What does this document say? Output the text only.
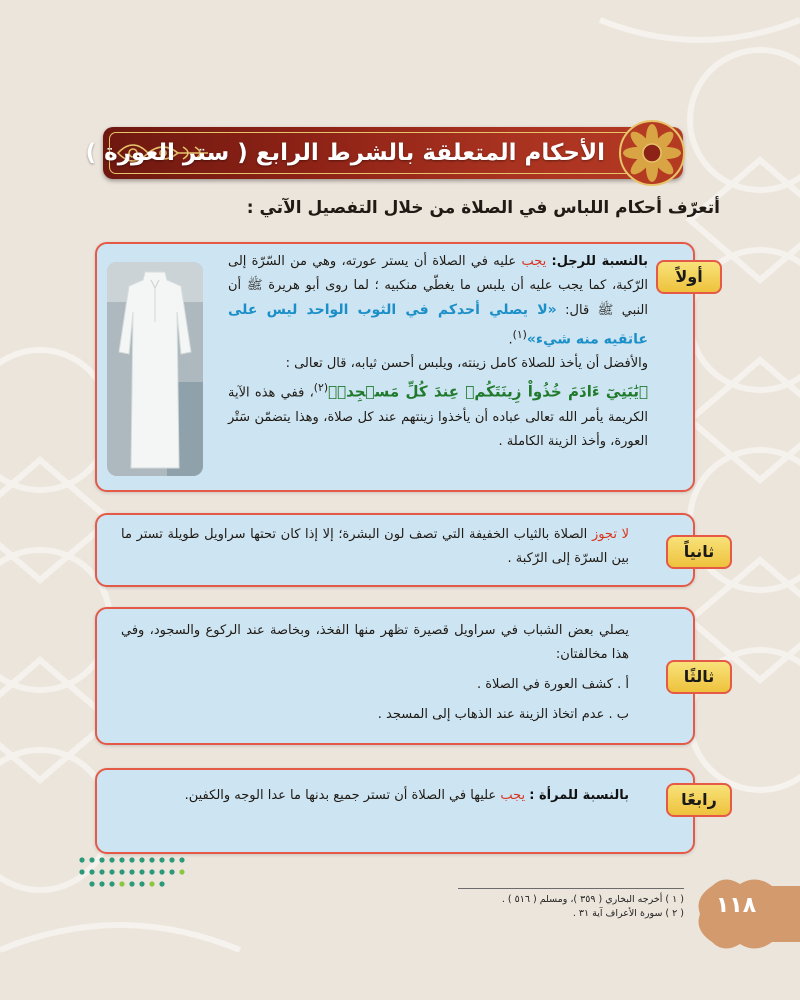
الأحكام المتعلقة بالشرط الرابع ( ستر العورة )
أتعرّف أحكام اللباس في الصلاة من خلال التفصيل الآتي :
أولاً
بالنسبة للرجل: يجب عليه في الصلاة أن يستر عورته، وهي من السّرّة إلى الرّكبة، كما يجب عليه أن يلبس ما يغطّي منكبيه ؛ لما روى أبو هريرة ﷺ أن النبي ﷺ قال: «لا يصلي أحدكم في الثوب الواحد ليس على عاتقيه منه شيء»$^{(١)}$.
والأفضل أن يأخذ للصلاة كامل زينته، ويلبس أحسن ثيابه، قال تعالى :
﴿يَٰبَنِيٓ ءَادَمَ خُذُواْ زِينَتَكُمۡ عِندَ كُلِّ مَسۡجِدٖ﴾$^{(٢)}$، ففي هذه الآية الكريمة يأمر الله تعالى عباده أن يأخذوا زينتهم عند كل صلاة، وهذا يتضمّن سَتْر العورة، وأخذ الزينة الكاملة .
ثانياً
لا تجوز الصلاة بالثياب الخفيفة التي تصف لون البشرة؛ إلا إذا كان تحتها سراويل طويلة تستر ما بين السرّة إلى الرّكبة .
ثالثًا
يصلي بعض الشباب في سراويل قصيرة تظهر منها الفخذ، وبخاصة عند الركوع والسجود، وفي هذا مخالفتان:
أ . كشف العورة في الصلاة .
ب . عدم اتخاذ الزينة عند الذهاب إلى المسجد .
رابعًا
بالنسبة للمرأة : يجب عليها في الصلاة أن تستر جميع بدنها ما عدا الوجه والكفين.
( ١ ) أخرجه البخاري ( ٣٥٩ )، ومسلم ( ٥١٦ ) .
( ٢ ) سورة الأعراف آية ٣١ .	١١٨
